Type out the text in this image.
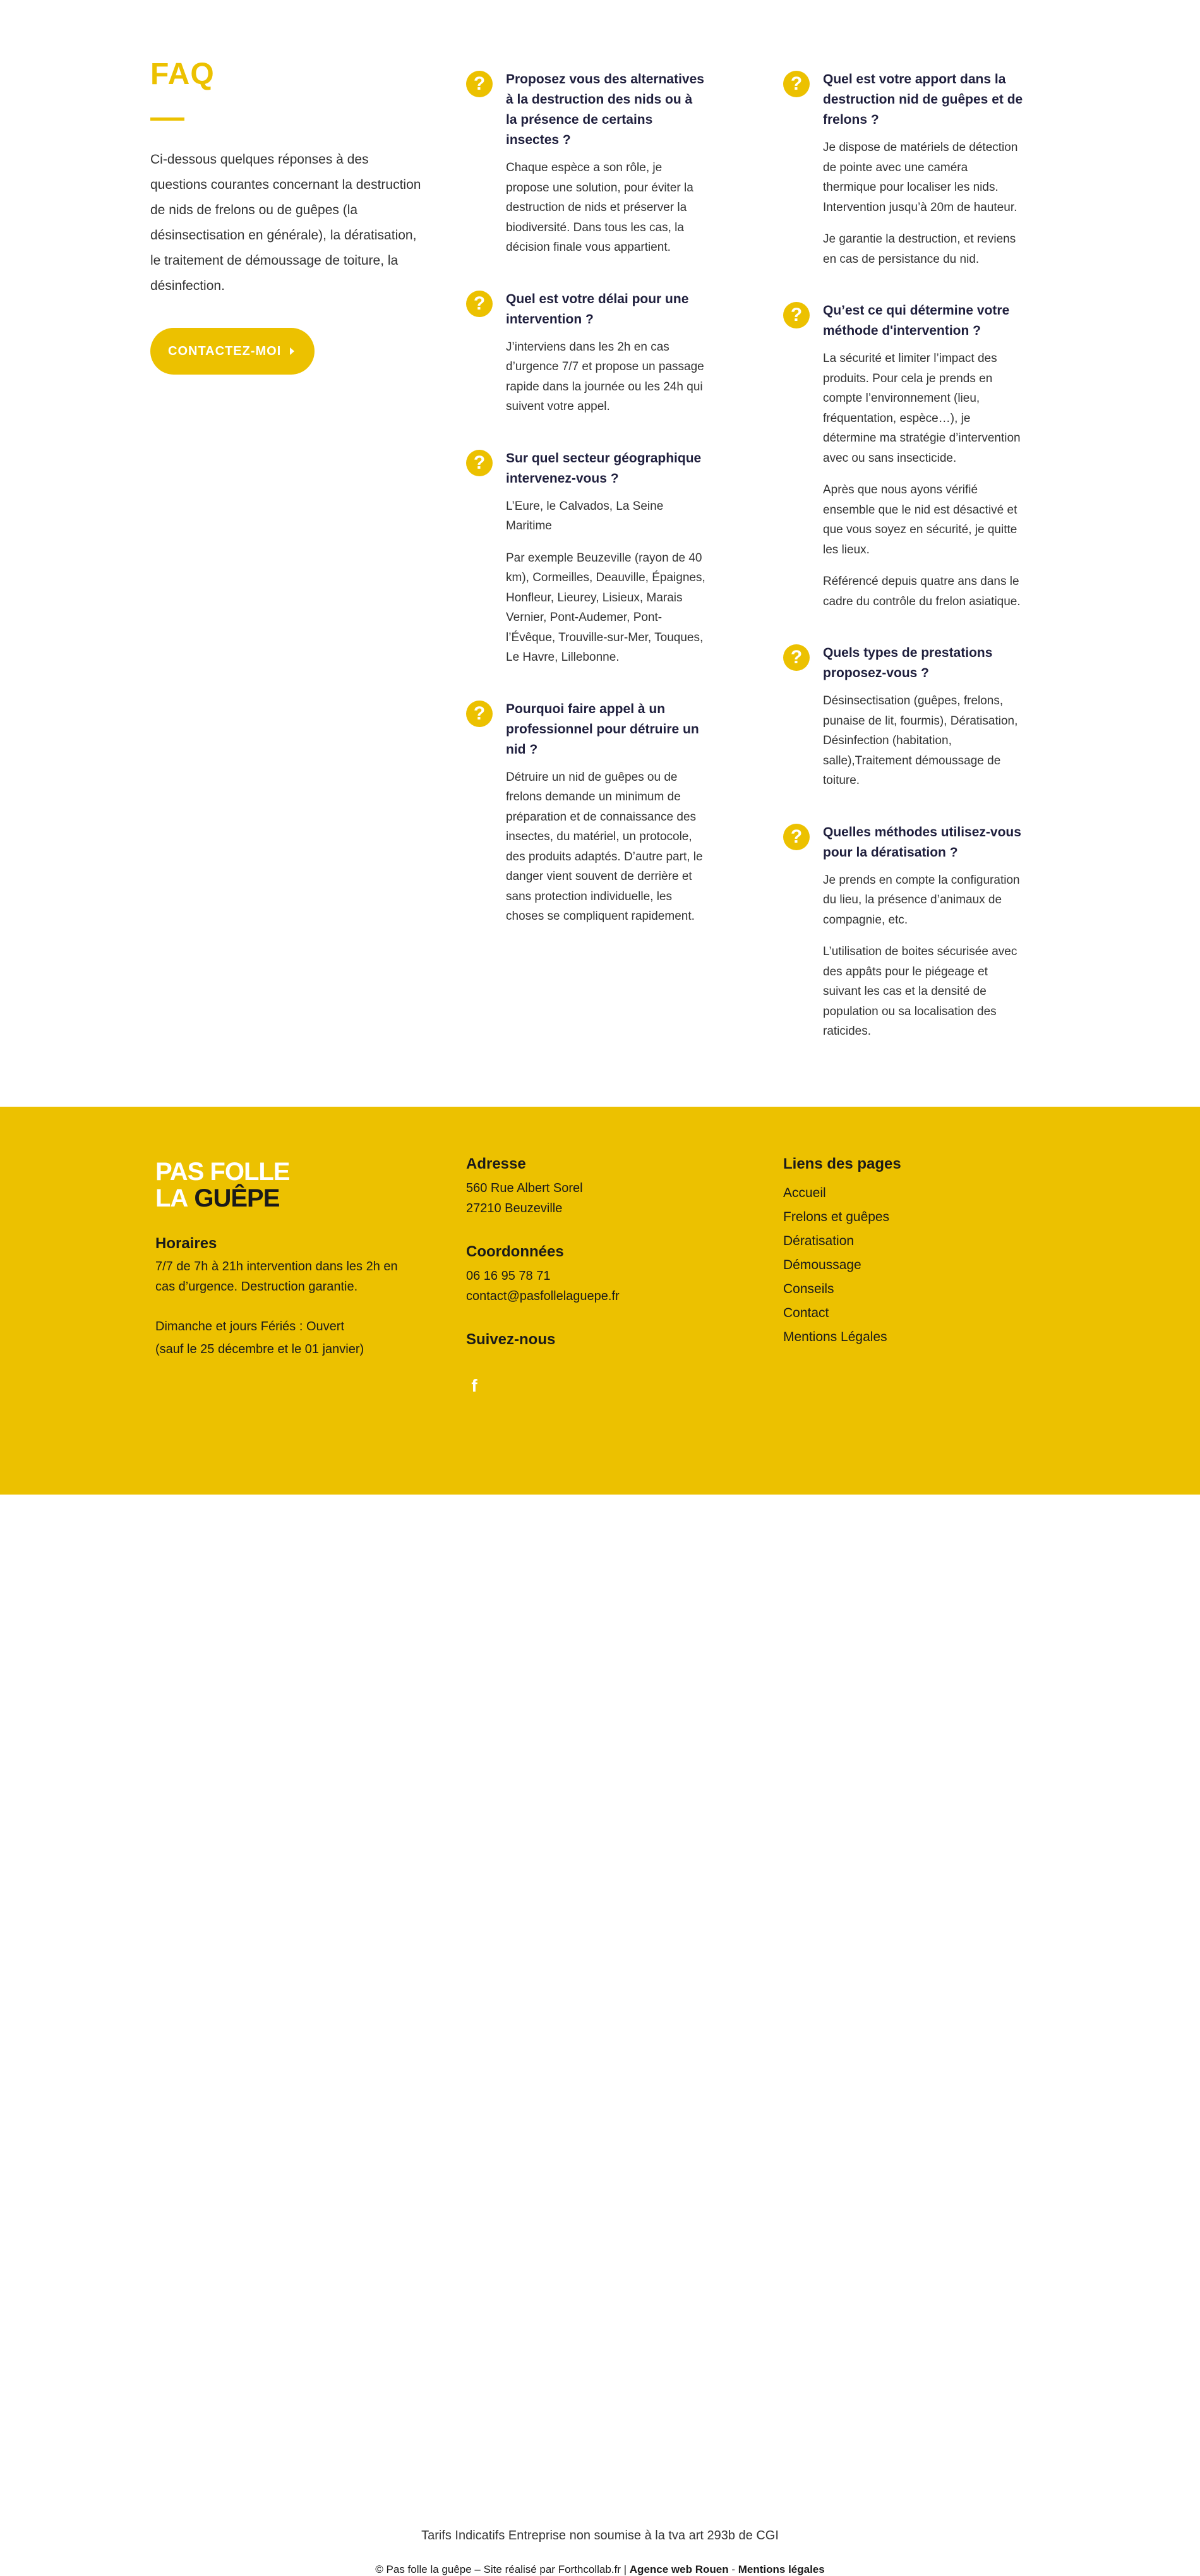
FAQ

Ci-dessous quelques réponses à des questions courantes concernant la destruction de nids de frelons ou de guêpes (la désinsectisation en générale), la dératisation, le traitement de démoussage de toiture, la désinfection.

CONTACTEZ-MOI
?	Proposez vous des alternatives à la destruction des nids ou à la présence de certains insectes ?

Chaque espèce a son rôle, je propose une solution, pour éviter la destruction de nids et préserver la biodiversité. Dans tous les cas, la décision finale vous appartient.

?	Quel est votre délai pour une intervention ?

J’interviens dans les 2h en cas d’urgence 7/7 et propose un passage rapide dans la journée ou les 24h qui suivent votre appel.

?	Sur quel secteur géographique intervenez-vous ?

L’Eure, le Calvados, La Seine Maritime

Par exemple Beuzeville (rayon de 40 km), Cormeilles, Deauville, Épaignes, Honfleur, Lieurey, Lisieux, Marais Vernier, Pont-Audemer, Pont-l’Évêque, Trouville-sur-Mer, Touques, Le Havre, Lillebonne.

?	Pourquoi faire appel à un professionnel pour détruire un nid ?

Détruire un nid de guêpes ou de frelons demande un minimum de préparation et de connaissance des insectes, du matériel, un protocole, des produits adaptés. D’autre part, le danger vient souvent de derrière et sans protection individuelle, les choses se compliquent rapidement.

?	Quel est votre apport dans la destruction nid de guêpes et de frelons ?

Je dispose de matériels de détection de pointe avec une caméra thermique pour localiser les nids. Intervention jusqu’à 20m de hauteur.

Je garantie la destruction, et reviens en cas de persistance du nid.

?	Qu’est ce qui détermine votre méthode d'intervention ?

La sécurité et limiter l’impact des produits. Pour cela je prends en compte l’environnement (lieu, fréquentation, espèce…), je détermine ma stratégie d’intervention avec ou sans insecticide.

Après que nous ayons vérifié ensemble que le nid est désactivé et que vous soyez en sécurité, je quitte les lieux.

Référencé depuis quatre ans dans le cadre du contrôle du frelon asiatique.

?	Quels types de prestations proposez-vous ?

Désinsectisation (guêpes, frelons, punaise de lit, fourmis), Dératisation, Désinfection (habitation, salle),Traitement démoussage de toiture.

?	Quelles méthodes utilisez-vous pour la dératisation ?

Je prends en compte la configuration du lieu, la présence d’animaux de compagnie, etc.

L’utilisation de boites sécurisée avec des appâts pour le piégeage et suivant les cas et la densité de population ou sa localisation des raticides.

PAS FOLLE
LA GUÊPE
Horaires
7/7 de 7h à 21h intervention dans les 2h en cas d’urgence. Destruction garantie.
Dimanche et jours Fériés : Ouvert
(sauf le 25 décembre et le 01 janvier)
Adresse
560 Rue Albert Sorel
27210 Beuzeville
Coordonnées
06 16 95 78 71
contact@pasfollelaguepe.fr
Suivez-nous
f
Liens des pages
Accueil
Frelons et guêpes
Dératisation
Démoussage
Conseils
Contact
Mentions Légales
Tarifs Indicatifs Entreprise non soumise à la tva art 293b de CGI
© Pas folle la guêpe – Site réalisé par Forthcollab.fr | Agence web Rouen - Mentions légales
